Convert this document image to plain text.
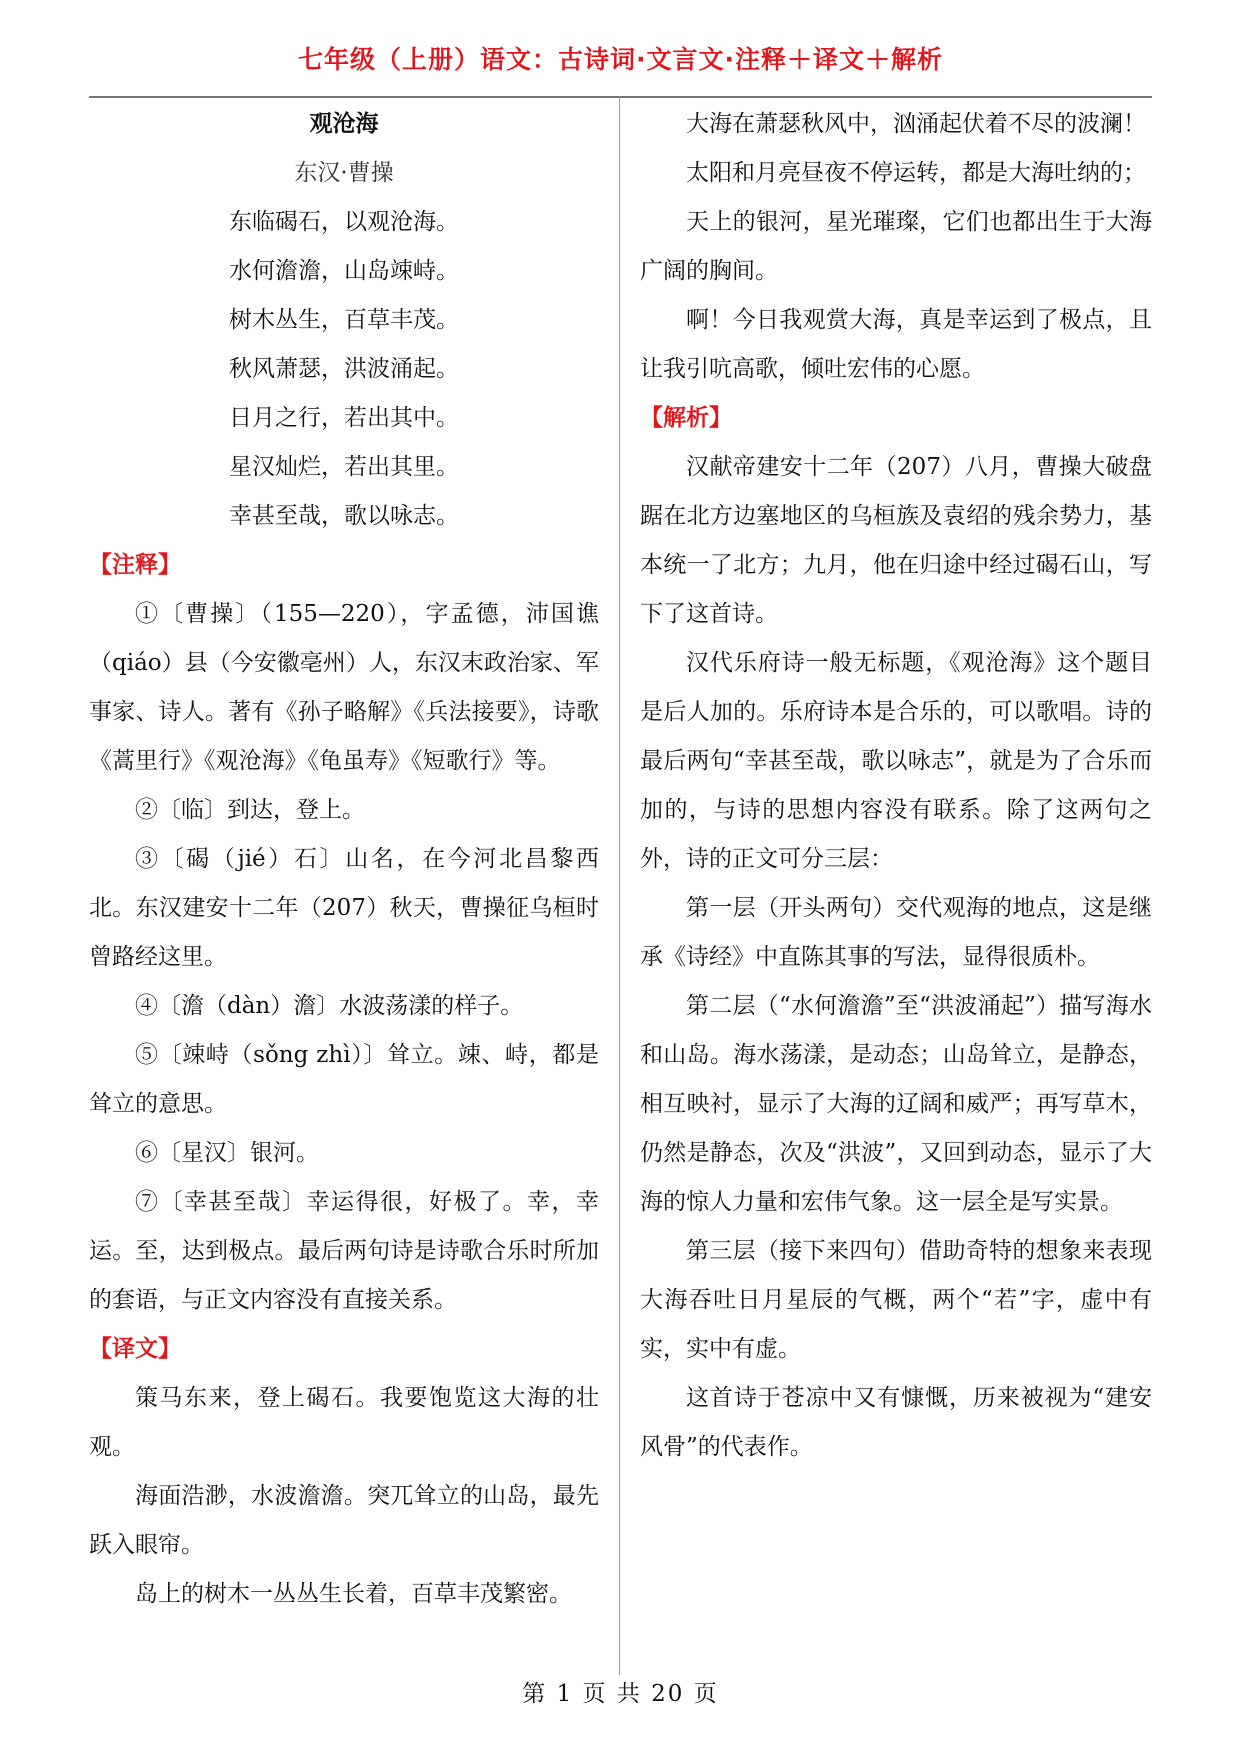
七年级（上册）语文：古诗词·文言文·注释＋译文＋解析
观沧海
东汉·曹操
东临碣石，以观沧海。
水何澹澹，山岛竦峙。
树木丛生，百草丰茂。
秋风萧瑟，洪波涌起。
日月之行，若出其中。
星汉灿烂，若出其里。
幸甚至哉，歌以咏志。
【注释】

①〔曹操〕（155—220），字孟德，沛国谯（qiáo）县（今安徽亳州）人，东汉末政治家、军事家、诗人。著有《孙子略解》《兵法接要》，诗歌《蒿里行》《观沧海》《龟虽寿》《短歌行》等。

②〔临〕到达，登上。

③〔碣（jié）石〕山名，在今河北昌黎西北。东汉建安十二年（207）秋天，曹操征乌桓时曾路经这里。

④〔澹（dàn）澹〕水波荡漾的样子。

⑤〔竦峙（sǒng zhì）〕耸立。竦、峙，都是耸立的意思。

⑥〔星汉〕银河。

⑦〔幸甚至哉〕幸运得很，好极了。幸，幸运。至，达到极点。最后两句诗是诗歌合乐时所加的套语，与正文内容没有直接关系。

【译文】

策马东来，登上碣石。我要饱览这大海的壮观。

海面浩渺，水波澹澹。突兀耸立的山岛，最先跃入眼帘。

岛上的树木一丛丛生长着，百草丰茂繁密。

大海在萧瑟秋风中，汹涌起伏着不尽的波澜！

太阳和月亮昼夜不停运转，都是大海吐纳的；

天上的银河，星光璀璨，它们也都出生于大海广阔的胸间。

啊！今日我观赏大海，真是幸运到了极点，且让我引吭高歌，倾吐宏伟的心愿。

【解析】

汉献帝建安十二年（207）八月，曹操大破盘踞在北方边塞地区的乌桓族及袁绍的残余势力，基本统一了北方；九月，他在归途中经过碣石山，写下了这首诗。

汉代乐府诗一般无标题，《观沧海》这个题目是后人加的。乐府诗本是合乐的，可以歌唱。诗的最后两句“幸甚至哉，歌以咏志”，就是为了合乐而加的，与诗的思想内容没有联系。除了这两句之外，诗的正文可分三层：

第一层（开头两句）交代观海的地点，这是继承《诗经》中直陈其事的写法，显得很质朴。

第二层（“水何澹澹”至“洪波涌起”）描写海水和山岛。海水荡漾，是动态；山岛耸立，是静态，相互映衬，显示了大海的辽阔和威严；再写草木，仍然是静态，次及“洪波”，又回到动态，显示了大海的惊人力量和宏伟气象。这一层全是写实景。

第三层（接下来四句）借助奇特的想象来表现大海吞吐日月星辰的气概，两个“若”字，虚中有实，实中有虚。

这首诗于苍凉中又有慷慨，历来被视为“建安风骨”的代表作。

第 1 页 共 20 页
